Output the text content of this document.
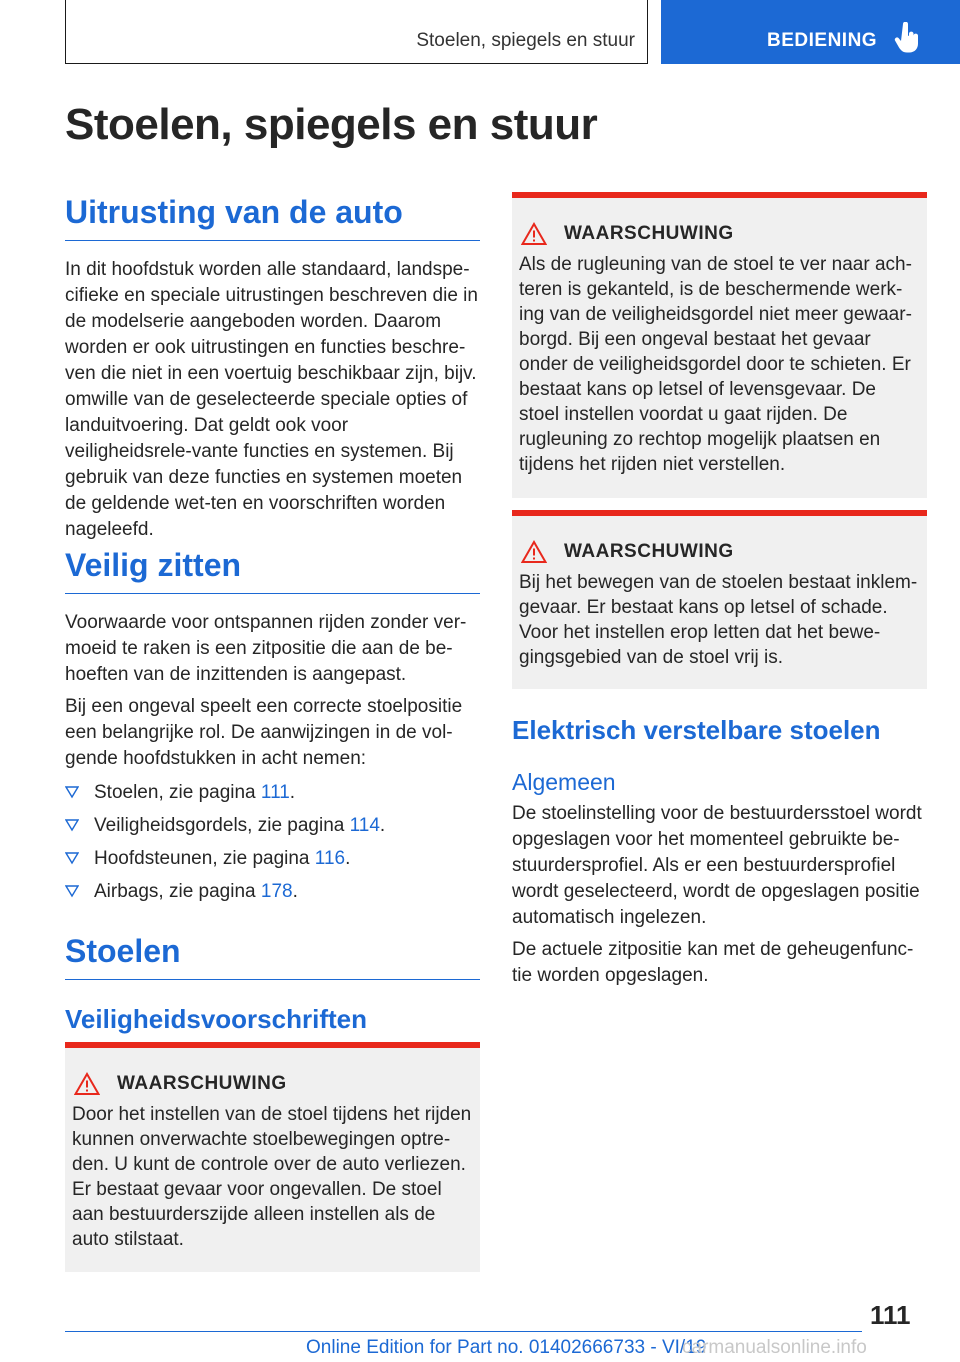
Stoelen, spiegels en stuur	BEDIENING
Stoelen, spiegels en stuur
Uitrusting van de auto

In dit hoofdstuk worden alle standaard, landspe-cifieke en speciale uitrustingen beschreven die in de modelserie aangeboden worden. Daarom worden er ook uitrustingen en functies beschre-ven die niet in een voertuig beschikbaar zijn, bijv. omwille van de geselecteerde speciale opties of landuitvoering. Dat geldt ook voor veiligheidsrele-vante functies en systemen. Bij gebruik van deze functies en systemen moeten de geldende wet-ten en voorschriften worden nageleefd.

Veilig zitten

Voorwaarde voor ontspannen rijden zonder ver-moeid te raken is een zitpositie die aan de be-hoeften van de inzittenden is aangepast.

Bij een ongeval speelt een correcte stoelpositie een belangrijke rol. De aanwijzingen in de vol-gende hoofdstukken in acht nemen:

Stoelen, zie pagina 111.
Veiligheidsgordels, zie pagina 114.
Hoofdsteunen, zie pagina 116.
Airbags, zie pagina 178.
Stoelen
Veiligheidsvoorschriften
WAARSCHUWING

Door het instellen van de stoel tijdens het rijden kunnen onverwachte stoelbewegingen optre-den. U kunt de controle over de auto verliezen. Er bestaat gevaar voor ongevallen. De stoel aan bestuurderszijde alleen instellen als de auto stilstaat.

WAARSCHUWING

Als de rugleuning van de stoel te ver naar ach-teren is gekanteld, is de beschermende werk-ing van de veiligheidsgordel niet meer gewaar-borgd. Bij een ongeval bestaat het gevaar onder de veiligheidsgordel door te schieten. Er bestaat kans op letsel of levensgevaar. De stoel instellen voordat u gaat rijden. De rugleuning zo rechtop mogelijk plaatsen en tijdens het rijden niet verstellen.

WAARSCHUWING

Bij het bewegen van de stoelen bestaat inklem-gevaar. Er bestaat kans op letsel of schade. Voor het instellen erop letten dat het bewe-gingsgebied van de stoel vrij is.

Elektrisch verstelbare stoelen
Algemeen

De stoelinstelling voor de bestuurdersstoel wordt opgeslagen voor het momenteel gebruikte be-stuurdersprofiel. Als er een bestuurdersprofiel wordt geselecteerd, wordt de opgeslagen positie automatisch ingelezen.

De actuele zitpositie kan met de geheugenfunc-tie worden opgeslagen.

111
Online Edition for Part no. 01402666733 - VI/19
carmanualsonline.info
